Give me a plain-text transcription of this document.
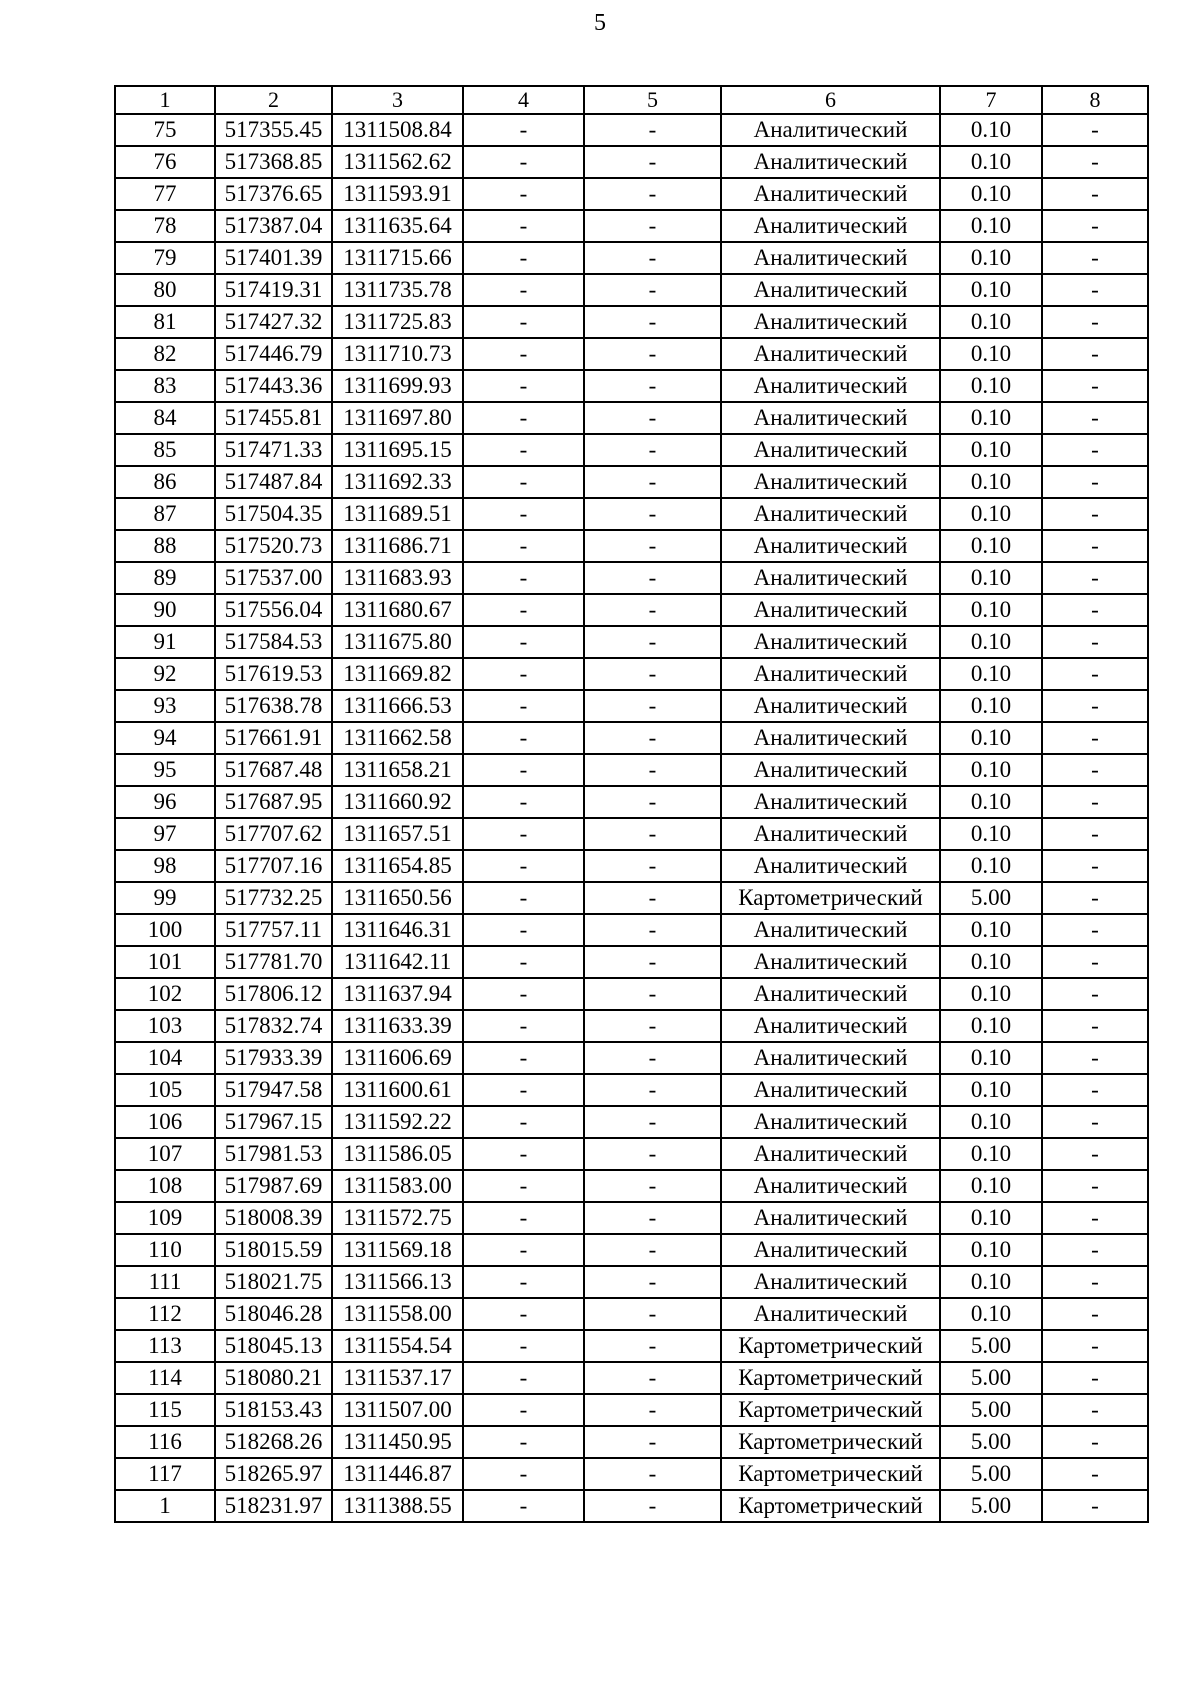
5
1	2	3	4	5	6	7	8
75	517355.45	1311508.84	-	-	Аналитический	0.10	-
76	517368.85	1311562.62	-	-	Аналитический	0.10	-
77	517376.65	1311593.91	-	-	Аналитический	0.10	-
78	517387.04	1311635.64	-	-	Аналитический	0.10	-
79	517401.39	1311715.66	-	-	Аналитический	0.10	-
80	517419.31	1311735.78	-	-	Аналитический	0.10	-
81	517427.32	1311725.83	-	-	Аналитический	0.10	-
82	517446.79	1311710.73	-	-	Аналитический	0.10	-
83	517443.36	1311699.93	-	-	Аналитический	0.10	-
84	517455.81	1311697.80	-	-	Аналитический	0.10	-
85	517471.33	1311695.15	-	-	Аналитический	0.10	-
86	517487.84	1311692.33	-	-	Аналитический	0.10	-
87	517504.35	1311689.51	-	-	Аналитический	0.10	-
88	517520.73	1311686.71	-	-	Аналитический	0.10	-
89	517537.00	1311683.93	-	-	Аналитический	0.10	-
90	517556.04	1311680.67	-	-	Аналитический	0.10	-
91	517584.53	1311675.80	-	-	Аналитический	0.10	-
92	517619.53	1311669.82	-	-	Аналитический	0.10	-
93	517638.78	1311666.53	-	-	Аналитический	0.10	-
94	517661.91	1311662.58	-	-	Аналитический	0.10	-
95	517687.48	1311658.21	-	-	Аналитический	0.10	-
96	517687.95	1311660.92	-	-	Аналитический	0.10	-
97	517707.62	1311657.51	-	-	Аналитический	0.10	-
98	517707.16	1311654.85	-	-	Аналитический	0.10	-
99	517732.25	1311650.56	-	-	Картометрический	5.00	-
100	517757.11	1311646.31	-	-	Аналитический	0.10	-
101	517781.70	1311642.11	-	-	Аналитический	0.10	-
102	517806.12	1311637.94	-	-	Аналитический	0.10	-
103	517832.74	1311633.39	-	-	Аналитический	0.10	-
104	517933.39	1311606.69	-	-	Аналитический	0.10	-
105	517947.58	1311600.61	-	-	Аналитический	0.10	-
106	517967.15	1311592.22	-	-	Аналитический	0.10	-
107	517981.53	1311586.05	-	-	Аналитический	0.10	-
108	517987.69	1311583.00	-	-	Аналитический	0.10	-
109	518008.39	1311572.75	-	-	Аналитический	0.10	-
110	518015.59	1311569.18	-	-	Аналитический	0.10	-
111	518021.75	1311566.13	-	-	Аналитический	0.10	-
112	518046.28	1311558.00	-	-	Аналитический	0.10	-
113	518045.13	1311554.54	-	-	Картометрический	5.00	-
114	518080.21	1311537.17	-	-	Картометрический	5.00	-
115	518153.43	1311507.00	-	-	Картометрический	5.00	-
116	518268.26	1311450.95	-	-	Картометрический	5.00	-
117	518265.97	1311446.87	-	-	Картометрический	5.00	-
1	518231.97	1311388.55	-	-	Картометрический	5.00	-
